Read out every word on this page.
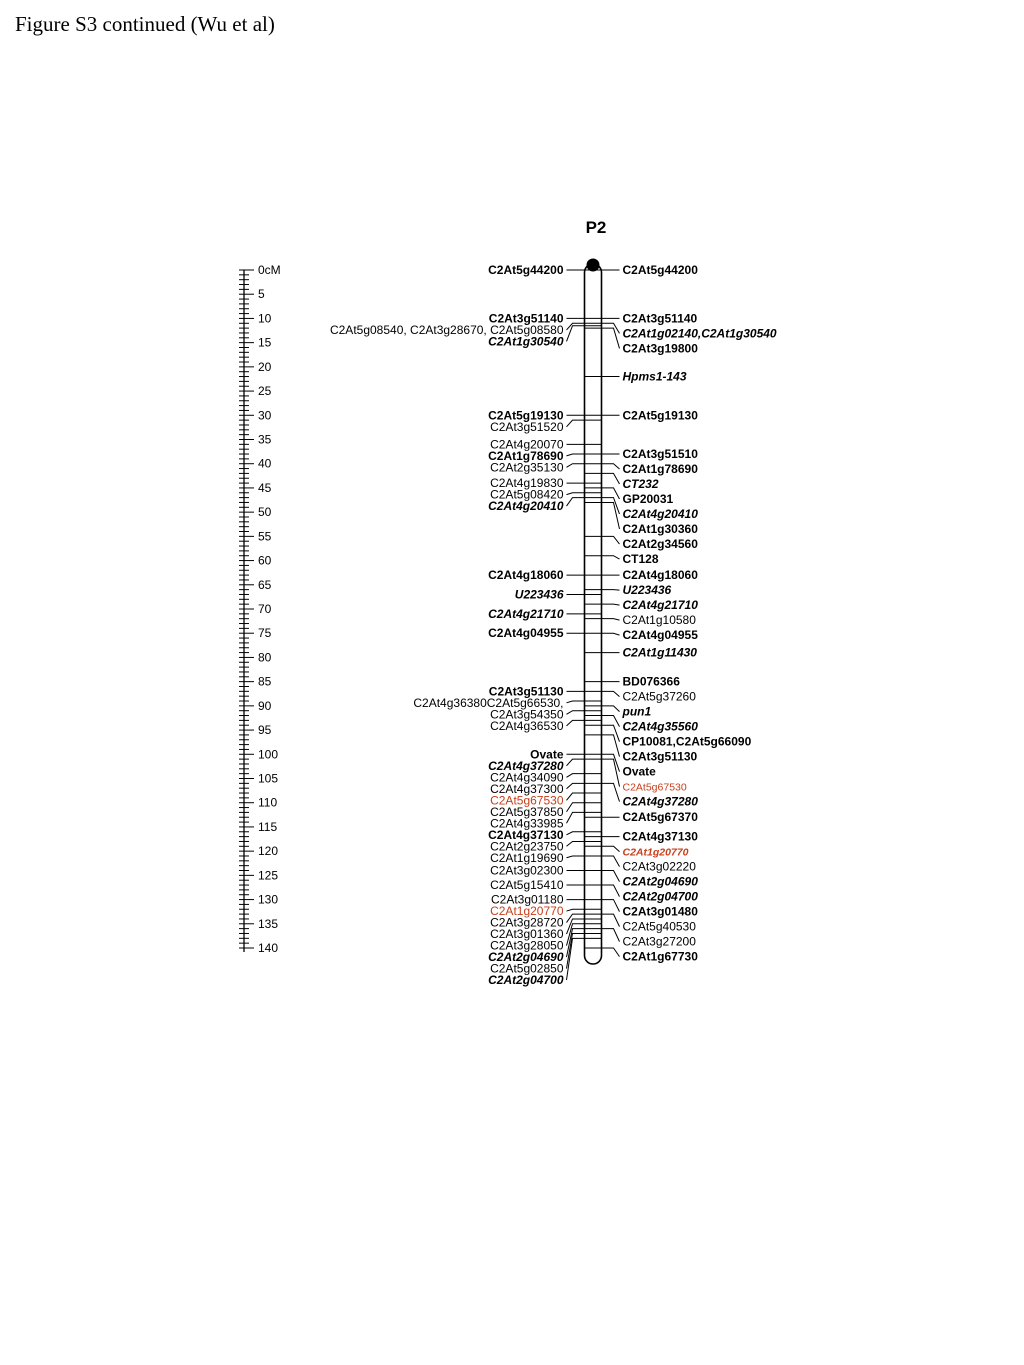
Figure S3 continued (Wu et al)
P2
0cM
5
10
15
20
25
30
35
40
45
50
55
60
65
70
75
80
85
90
95
100
105
110
115
120
125
130
135
140
C2At5g44200
C2At3g51140
C2At5g08540, C2At3g28670, C2At5g08580
C2At1g30540
C2At5g19130
C2At3g51520
C2At4g20070
C2At1g78690
C2At2g35130
C2At4g19830
C2At5g08420
C2At4g20410
C2At4g18060
U223436
C2At4g21710
C2At4g04955
C2At3g51130
C2At4g36380C2At5g66530,
C2At3g54350
C2At4g36530
Ovate
C2At4g37280
C2At4g34090
C2At4g37300
C2At5g67530
C2At5g37850
C2At4g33985
C2At4g37130
C2At2g23750
C2At1g19690
C2At3g02300
C2At5g15410
C2At3g01180
C2At1g20770
C2At3g28720
C2At3g01360
C2At3g28050
C2At2g04690
C2At5g02850
C2At2g04700
C2At5g44200
C2At3g51140
C2At1g02140,C2At1g30540
C2At3g19800
Hpms1-143
C2At5g19130
C2At3g51510
C2At1g78690
CT232
GP20031
C2At4g20410
C2At1g30360
C2At2g34560
CT128
C2At4g18060
U223436
C2At4g21710
C2At1g10580
C2At4g04955
C2At1g11430
BD076366
C2At5g37260
pun1
C2At4g35560
CP10081,C2At5g66090
C2At3g51130
Ovate
C2At5g67530
C2At4g37280
C2At5g67370
C2At4g37130
C2At1g20770
C2At3g02220
C2At2g04690
C2At2g04700
C2At3g01480
C2At5g40530
C2At3g27200
C2At1g67730
